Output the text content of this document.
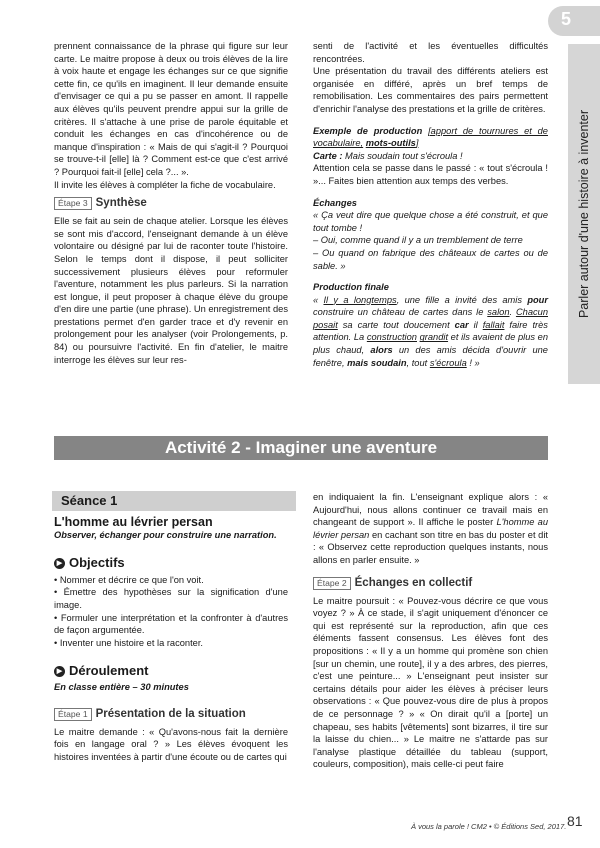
5
Parler autour d'une histoire à inventer

prennent connaissance de la phrase qui figure sur leur carte. Le maitre propose à deux ou trois élèves de la lire à voix haute et engage les échanges sur ce que signifie cette fin, ce qu'ils en imaginent. Il leur demande ensuite d'envisager ce qui a pu se passer en amont. Il rappelle aux élèves qu'ils peuvent prendre appui sur la grille de critères. Il s'attache à une prise de parole équitable et conduit les échanges en cas d'incohérence ou de manque d'inspiration : « Mais de qui s'agit-il ? Pourquoi se trouve-t-il [elle] là ? Comment est-ce que c'est arrivé ? Pourquoi fait-il [elle] cela ?... ».

Il invite les élèves à compléter la fiche de vocabulaire.

Étape 3 Synthèse

Elle se fait au sein de chaque atelier. Lorsque les élèves se sont mis d'accord, l'enseignant demande à un élève volontaire ou désigné par lui de raconter toute l'histoire. Selon le temps dont il dispose, il peut solliciter successivement plusieurs élèves pour reformuler l'aventure, notamment les plus parleurs. Si la narration est longue, il peut proposer à chaque élève du groupe d'en dire une partie (une phrase). Un enregistrement des prestations permet d'en garder trace et d'y revenir en prolongement pour les analyser (voir Prolongements, p. 84) ou poursuivre l'activité. En fin d'atelier, le maitre interroge les élèves sur leur res-

senti de l'activité et les éventuelles difficultés rencontrées.

Une présentation du travail des différents ateliers est organisée en différé, après un bref temps de remobilisation. Les commentaires des pairs permettent d'enrichir l'analyse des prestations et la grille de critères.

Exemple de production [apport de tournures et de vocabulaire, mots-outils]

Carte : Mais soudain tout s'écroula !

Attention cela se passe dans le passé : « tout s'écroula ! »... Faites bien attention aux temps des verbes.

Échanges

« Ça veut dire que quelque chose a été construit, et que tout tombe !

– Oui, comme quand il y a un tremblement de terre

– Ou quand on fabrique des châteaux de cartes ou de sable. »

Production finale

« Il y a longtemps, une fille a invité des amis pour construire un château de cartes dans le salon. Chacun posait sa carte tout doucement car il fallait faire très attention. La construction grandit et ils avaient de plus en plus chaud, alors un des amis décida d'ouvrir une fenêtre, mais soudain, tout s'écroula ! »

Activité 2 - Imaginer une aventure
Séance 1

L'homme au lévrier persan

Observer, échanger pour construire une narration.

▶ Objectifs

• Nommer et décrire ce que l'on voit.
• Émettre des hypothèses sur la signification d'une image.
• Formuler une interprétation et la confronter à d'autres de façon argumentée.
• Inventer une histoire et la raconter.

▶ Déroulement

En classe entière – 30 minutes

Étape 1 Présentation de la situation

Le maitre demande : « Qu'avons-nous fait la dernière fois en langage oral ? » Les élèves évoquent les histoires inventées à partir d'une écoute ou de cartes qui

en indiquaient la fin. L'enseignant explique alors : « Aujourd'hui, nous allons continuer ce travail mais en changeant de support ». Il affiche le poster L'homme au lévrier persan en cachant son titre en bas du poster et dit : « Observez cette reproduction quelques instants, nous allons en parler ensuite. »

Étape 2 Échanges en collectif

Le maitre poursuit : « Pouvez-vous décrire ce que vous voyez ? » À ce stade, il s'agit uniquement d'énoncer ce qui est représenté sur la reproduction, afin que ces éléments fassent consensus. Les élèves font des propositions : « Il y a un homme qui promène son chien [sur un chemin, une route], il y a des arbres, des pierres, c'est une peinture... » L'enseignant peut insister sur certains détails pour aider les élèves à préciser leurs observations : « Que pouvez-vous dire de plus à propos de ce personnage ? » « On dirait qu'il a [porte] un chapeau, ses habits [vêtements] sont bizarres, il tire sur la laisse du chien... » Le maitre ne s'attarde pas sur l'analyse plastique détaillée du tableau (support, couleurs, composition), mais celle-ci peut faire

À vous la parole ! CM2 • © Éditions Sed, 2017. 81
